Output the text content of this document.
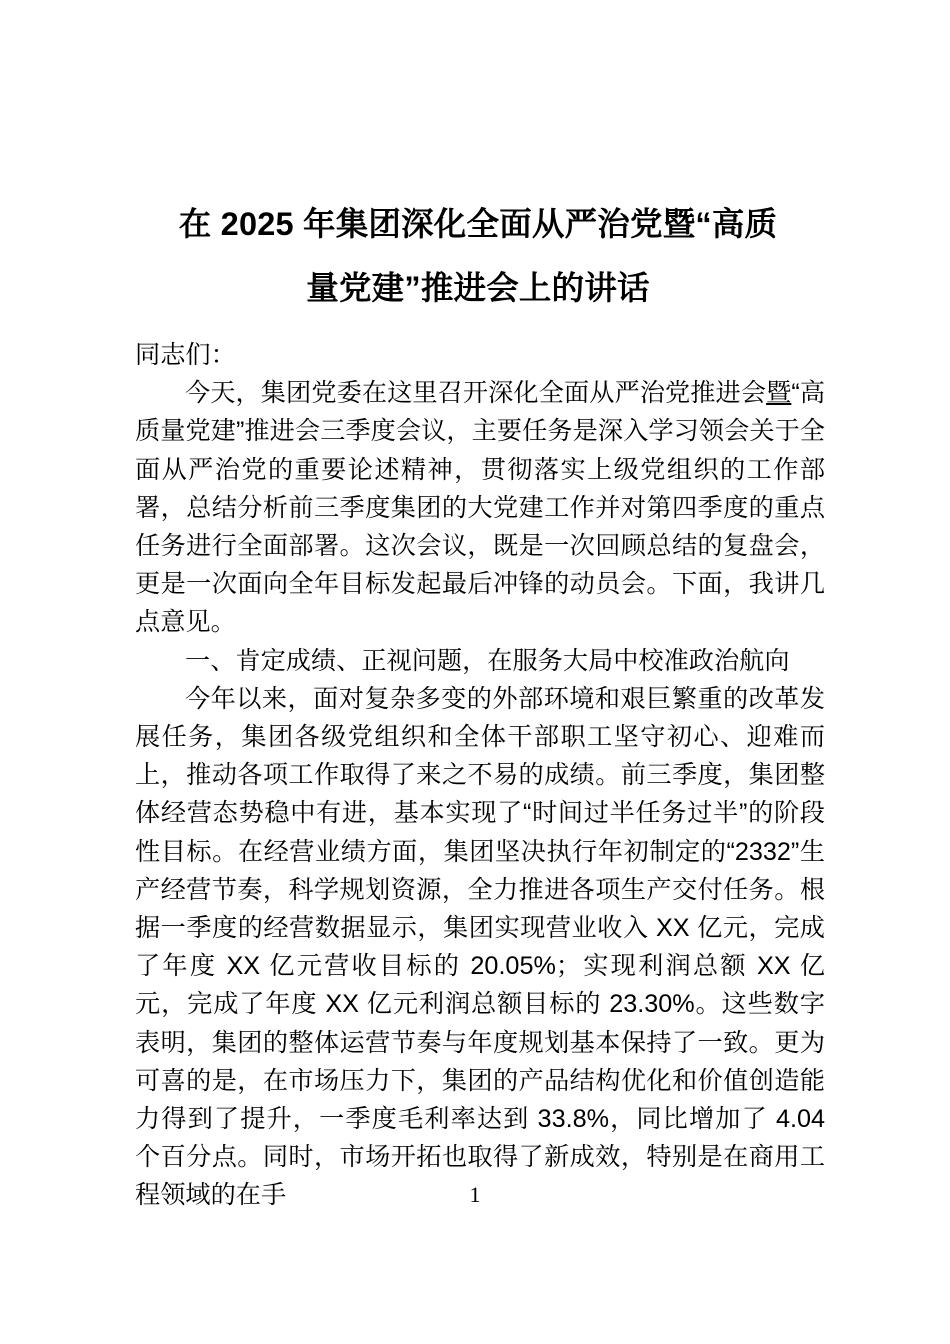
在 2025 年集团深化全面从严治党暨“高质
量党建”推进会上的讲话

同志们：

今天，集团党委在这里召开深化全面从严治党推进会暨“高质量党建”推进会三季度会议，主要任务是深入学习领会关于全面从严治党的重要论述精神，贯彻落实上级党组织的工作部署，总结分析前三季度集团的大党建工作并对第四季度的重点任务进行全面部署。这次会议，既是一次回顾总结的复盘会，更是一次面向全年目标发起最后冲锋的动员会。下面，我讲几点意见。

一、肯定成绩、正视问题，在服务大局中校准政治航向

今年以来，面对复杂多变的外部环境和艰巨繁重的改革发展任务，集团各级党组织和全体干部职工坚守初心、迎难而上，推动各项工作取得了来之不易的成绩。前三季度，集团整体经营态势稳中有进，基本实现了“时间过半任务过半”的阶段性目标。在经营业绩方面，集团坚决执行年初制定的“2332”生产经营节奏，科学规划资源，全力推进各项生产交付任务。根据一季度的经营数据显示，集团实现营业收入 XX 亿元，完成了年度 XX 亿元营收目标的 20.05%；实现利润总额 XX 亿元，完成了年度 XX 亿元利润总额目标的 23.30%。这些数字表明，集团的整体运营节奏与年度规划基本保持了一致。更为可喜的是，在市场压力下，集团的产品结构优化和价值创造能力得到了提升，一季度毛利率达到 33.8%，同比增加了 4.04 个百分点。同时，市场开拓也取得了新成效，特别是在商用工程领域的在手	1
